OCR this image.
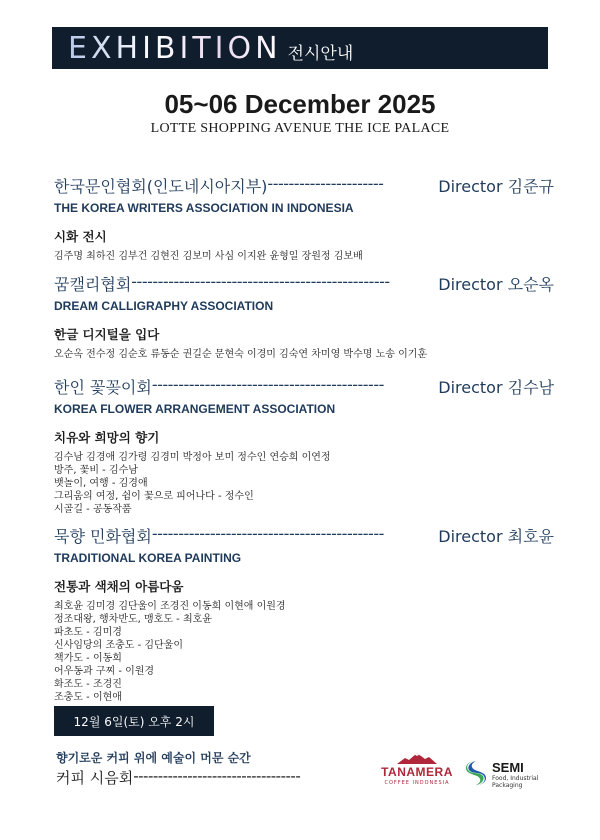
EXHIBITION 전시안내
05~06 December 2025
LOTTE SHOPPING AVENUE THE ICE PALACE
한국문인협회(인도네시아지부) ----------------------	Director 김준규
THE KOREA WRITERS ASSOCIATION IN INDONESIA
시화 전시
김주명 최하진 김부건 김현진 김보미 사심 이지완 윤형일 장원정 김보배
꿈캘리협회 -------------------------------------------------	Director 오순옥
DREAM CALLIGRAPHY ASSOCIATION
한글 디지털을 입다
오순옥 전수정 김순호 류동순 권길순 문현숙 이경미 김숙연 차미영 박수명 노송 이기훈
한인 꽃꽂이회 --------------------------------------------	Director 김수남
KOREA FLOWER ARRANGEMENT ASSOCIATION
치유와 희망의 향기
김수남 김경애 김가령 김경미 박정아 보미 정수인 연승희 이연정
방주, 꽃비 - 김수남
뱃놀이, 여행 - 김경애
그리움의 여정, 쉼이 꽃으로 피어나다 - 정수인
시골길 - 공동작품
묵향 민화협회 --------------------------------------------	Director 최호윤
TRADITIONAL KOREA PAINTING
전통과 색채의 아름다움
최호윤 김미경 김단울이 조경진 이동희 이현애 이원경
정조대왕, 행차반도, 맹호도 - 최호윤
파초도 - 김미경
신사임당의 조충도 - 김단울이
책가도 - 이동희
어우동과 구찌 - 이원경
화조도 - 조경진
조충도 - 이현애
12월 6일(토) 오후 2시
향기로운 커피 위에 예술이 머문 순간
커피 시음회 ----------------------------------	TANAMERA
COFFEE INDONESIA
SEMI
Food, Industrial Packaging
